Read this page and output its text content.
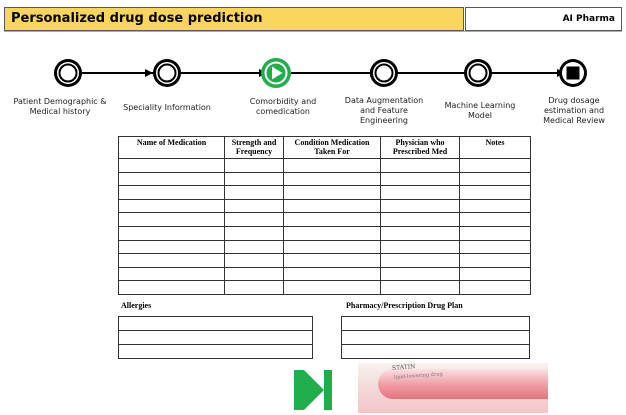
Personalized drug dose prediction	AI Pharma
Patient Demographic & Medical history	Speciality Information
Comorbidity and comedication
Data Augmentation and Feature Engineering
Machine Learning Model
Drug dosage estimation and Medical Review
Name of Medication	Strength and Frequency	Condition Medication Taken For	Physician who Prescribed Med	Notes

Allergies	Pharmacy/Prescription Drug Plan

STATIN
lipid-lowering drug
